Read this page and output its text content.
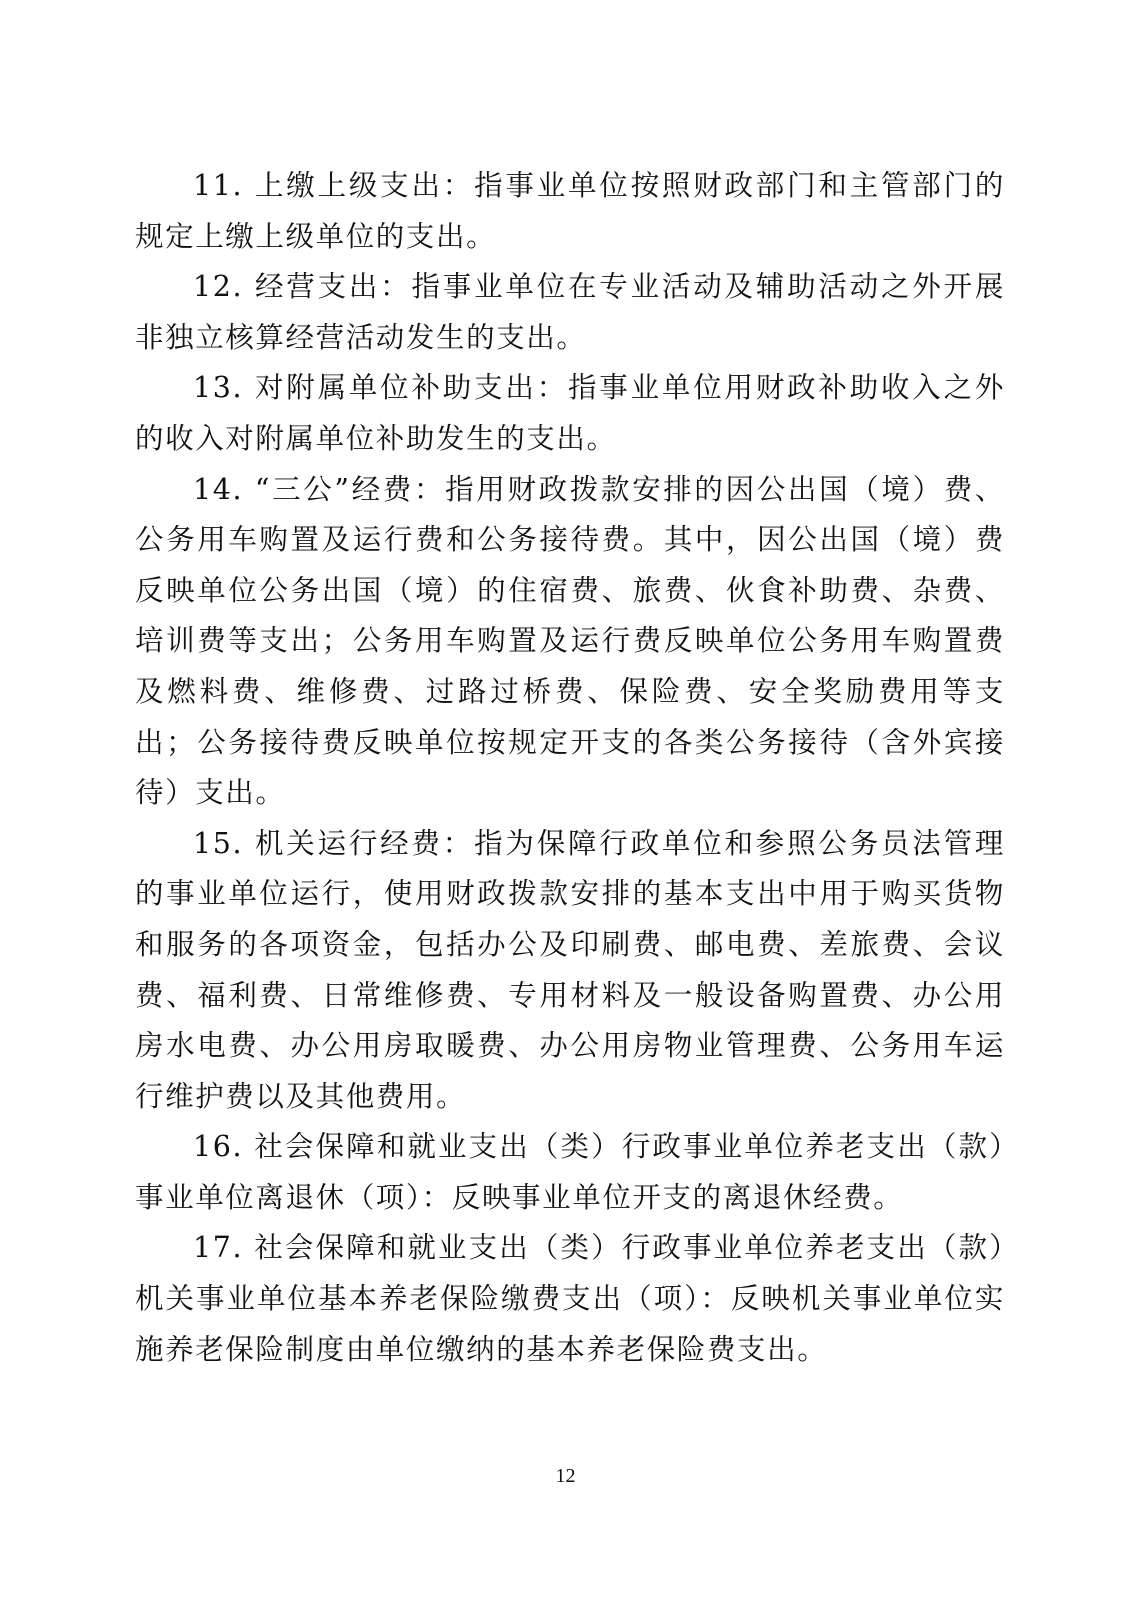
11. 上缴上级支出：指事业单位按照财政部门和主管部门的规定上缴上级单位的支出。

12. 经营支出：指事业单位在专业活动及辅助活动之外开展非独立核算经营活动发生的支出。

13. 对附属单位补助支出：指事业单位用财政补助收入之外的收入对附属单位补助发生的支出。

14. “三公”经费：指用财政拨款安排的因公出国（境）费、公务用车购置及运行费和公务接待费。其中，因公出国（境）费反映单位公务出国（境）的住宿费、旅费、伙食补助费、杂费、培训费等支出；公务用车购置及运行费反映单位公务用车购置费及燃料费、维修费、过路过桥费、保险费、安全奖励费用等支出；公务接待费反映单位按规定开支的各类公务接待（含外宾接待）支出。

15. 机关运行经费：指为保障行政单位和参照公务员法管理的事业单位运行，使用财政拨款安排的基本支出中用于购买货物和服务的各项资金，包括办公及印刷费、邮电费、差旅费、会议费、福利费、日常维修费、专用材料及一般设备购置费、办公用房水电费、办公用房取暖费、办公用房物业管理费、公务用车运行维护费以及其他费用。

16. 社会保障和就业支出（类）行政事业单位养老支出（款）事业单位离退休（项）：反映事业单位开支的离退休经费。

17. 社会保障和就业支出（类）行政事业单位养老支出（款）机关事业单位基本养老保险缴费支出（项）：反映机关事业单位实施养老保险制度由单位缴纳的基本养老保险费支出。

12
